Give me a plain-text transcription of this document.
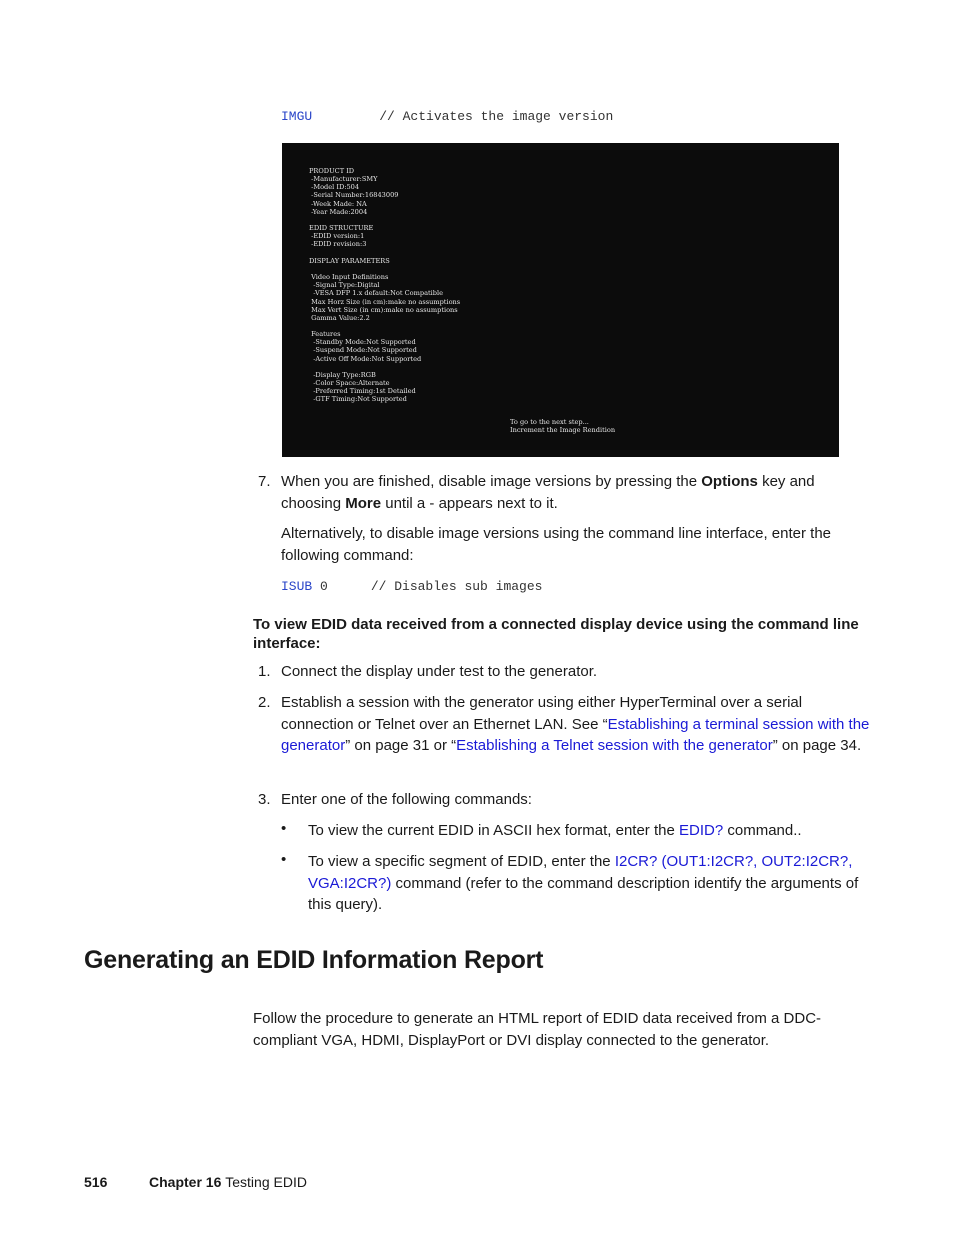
IMGU	// Activates the image version
PRODUCT ID
-Manufacturer:SMY
-Model ID:504
-Serial Number:16843009
-Week Made: NA
-Year Made:2004

EDID STRUCTURE
-EDID version:1
-EDID revision:3

DISPLAY PARAMETERS

Video Input Definitions
-Signal Type:Digital
-VESA DFP 1.x default:Not Compatible
Max Horz Size (in cm):make no assumptions
Max Vert Size (in cm):make no assumptions
Gamma Value:2.2

Features
-Standby Mode:Not Supported
-Suspend Mode:Not Supported
-Active Off Mode:Not Supported

-Display Type:RGB
-Color Space:Alternate
-Preferred Timing:1st Detailed
-GTF Timing:Not Supported
To go to the next step...
Increment the Image Rendition
7. When you are finished, disable image versions by pressing the Options key and choosing More until a - appears next to it.
Alternatively, to disable image versions using the command line interface, enter the following command:
ISUB 0	// Disables sub images
To view EDID data received from a connected display device using the command line interface:
1. Connect the display under test to the generator.
2. Establish a session with the generator using either HyperTerminal over a serial connection or Telnet over an Ethernet LAN. See “Establishing a terminal session with the generator” on page 31 or “Establishing a Telnet session with the generator” on page 34.
3. Enter one of the following commands:
• To view the current EDID in ASCII hex format, enter the EDID? command..
• To view a specific segment of EDID, enter the I2CR? (OUT1:I2CR?, OUT2:I2CR?, VGA:I2CR?) command (refer to the command description identify the arguments of this query).
Generating an EDID Information Report
Follow the procedure to generate an HTML report of EDID data received from a DDC-compliant VGA, HDMI, DisplayPort or DVI display connected to the generator.
516	Chapter 16 Testing EDID
